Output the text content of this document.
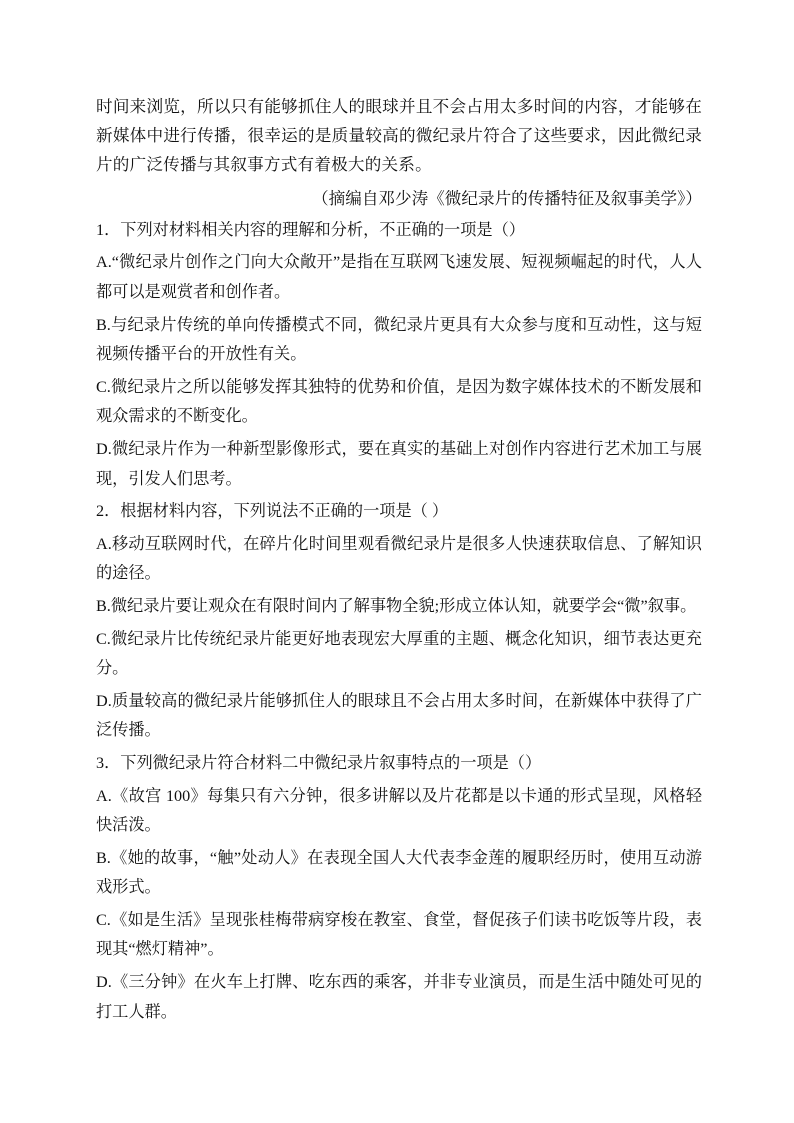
时间来浏览，所以只有能够抓住人的眼球并且不会占用太多时间的内容，才能够在新媒体中进行传播，很幸运的是质量较高的微纪录片符合了这些要求，因此微纪录片的广泛传播与其叙事方式有着极大的关系。

（摘编自邓少涛《微纪录片的传播特征及叙事美学》）

1．下列对材料相关内容的理解和分析，不正确的一项是（）

A.“微纪录片创作之门向大众敞开”是指在互联网飞速发展、短视频崛起的时代，人人都可以是观赏者和创作者。

B.与纪录片传统的单向传播模式不同，微纪录片更具有大众参与度和互动性，这与短视频传播平台的开放性有关。

C.微纪录片之所以能够发挥其独特的优势和价值，是因为数字媒体技术的不断发展和观众需求的不断变化。

D.微纪录片作为一种新型影像形式，要在真实的基础上对创作内容进行艺术加工与展现，引发人们思考。

2．根据材料内容，下列说法不正确的一项是（ ）

A.移动互联网时代，在碎片化时间里观看微纪录片是很多人快速获取信息、了解知识的途径。

B.微纪录片要让观众在有限时间内了解事物全貌;形成立体认知，就要学会“微”叙事。

C.微纪录片比传统纪录片能更好地表现宏大厚重的主题、概念化知识，细节表达更充分。

D.质量较高的微纪录片能够抓住人的眼球且不会占用太多时间，在新媒体中获得了广泛传播。

3．下列微纪录片符合材料二中微纪录片叙事特点的一项是（）

A.《故宫 100》每集只有六分钟，很多讲解以及片花都是以卡通的形式呈现，风格轻快活泼。

B.《她的故事，“触”处动人》在表现全国人大代表李金莲的履职经历时，使用互动游戏形式。

C.《如是生活》呈现张桂梅带病穿梭在教室、食堂，督促孩子们读书吃饭等片段，表现其“燃灯精神”。

D.《三分钟》在火车上打牌、吃东西的乘客，并非专业演员，而是生活中随处可见的打工人群。
